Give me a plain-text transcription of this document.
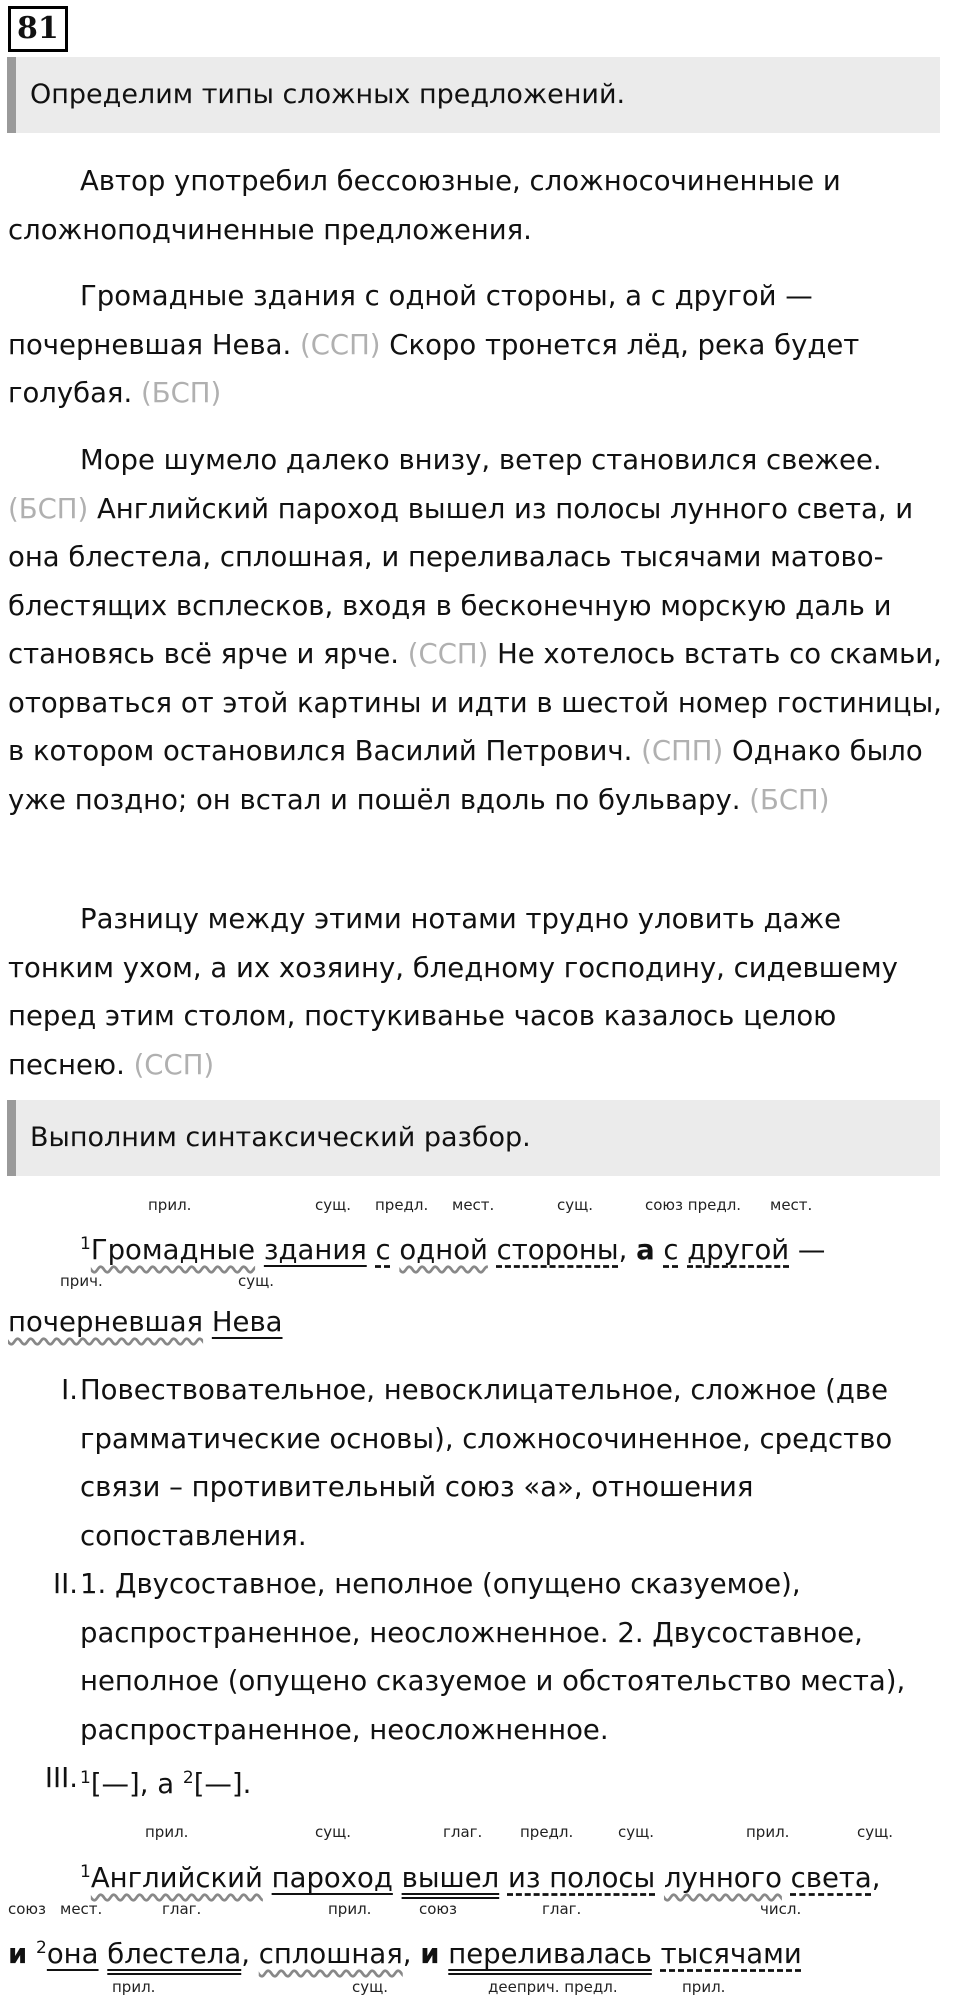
81
Определим типы сложных предложений.
Автор употребил бессоюзные, сложносочиненные и сложноподчиненные предложения.
Громадные здания с одной стороны, а с другой — почерневшая Нева. (ССП) Скоро тронется лёд, река будет голубая. (БСП)
Море шумело далеко внизу, ветер становился свежее. (БСП) Английский пароход вышел из полосы лунного света, и она блестела, сплошная, и переливалась тысячами матово-блестящих всплесков, входя в бесконечную морскую даль и становясь всё ярче и ярче. (ССП) Не хотелось встать со скамьи, оторваться от этой картины и идти в шестой номер гостиницы, в котором остановился Василий Петрович. (СПП) Однако было уже поздно; он встал и пошёл вдоль по бульвару. (БСП)
Разницу между этими нотами трудно уловить даже тонким ухом, а их хозяину, бледному господину, сидевшему перед этим столом, постукиванье часов казалось целою песнею. (ССП)
Выполним синтаксический разбор.
прил.	сущ. предл. мест.	сущ.	союз предл. мест.
$^1$Громадные здания с одной стороны, а с другой —
прич.	сущ.
почерневшая Нева
I. Повествовательное, невосклицательное, сложное (две грамматические основы), сложносочиненное, средство связи – противительный союз «а», отношения сопоставления.
II. 1. Двусоставное, неполное (опущено сказуемое), распространенное, неосложненное. 2. Двусоставное, неполное (опущено сказуемое и обстоятельство места), распространенное, неосложненное.
III. $^1$[—], а $^2$[—].
прил.	сущ.	глаг.	предл.	сущ.	прил.	сущ.
$^1$Английский пароход вышел из полосы лунного света,
союз мест.	глаг.	прил.	союз	глаг.	числ.
и $^2$она блестела, сплошная, и переливалась тысячами
прил.	сущ.	дееприч. предл.	прил.
